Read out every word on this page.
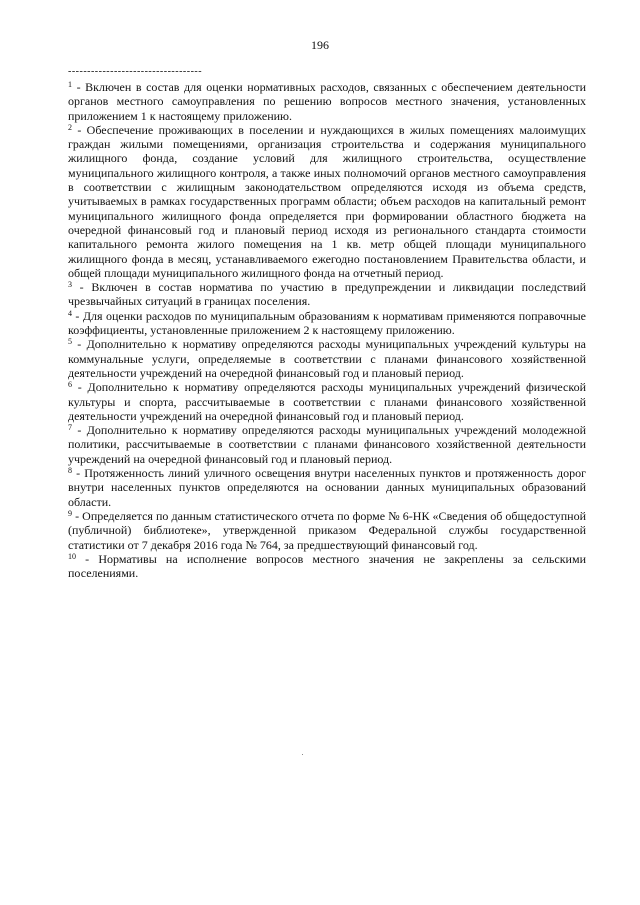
196
-----------------------------------

$^1$ - Включен в состав для оценки нормативных расходов, связанных с обеспечением деятельности органов местного самоуправления по решению вопросов местного значения, установленных приложением 1 к настоящему приложению.

$^2$ - Обеспечение проживающих в поселении и нуждающихся в жилых помещениях малоимущих граждан жилыми помещениями, организация строительства и содержания муниципального жилищного фонда, создание условий для жилищного строительства, осуществление муниципального жилищного контроля, а также иных полномочий органов местного самоуправления в соответствии с жилищным законодательством определяются исходя из объема средств, учитываемых в рамках государственных программ области; объем расходов на капитальный ремонт муниципального жилищного фонда определяется при формировании областного бюджета на очередной финансовый год и плановый период исходя из регионального стандарта стоимости капитального ремонта жилого помещения на 1 кв. метр общей площади муниципального жилищного фонда в месяц, устанавливаемого ежегодно постановлением Правительства области, и общей площади муниципального жилищного фонда на отчетный период.

$^3$ - Включен в состав норматива по участию в предупреждении и ликвидации последствий чрезвычайных ситуаций в границах поселения.

$^4$ - Для оценки расходов по муниципальным образованиям к нормативам применяются поправочные коэффициенты, установленные приложением 2 к настоящему приложению.

$^5$ - Дополнительно к нормативу определяются расходы муниципальных учреждений культуры на коммунальные услуги, определяемые в соответствии с планами финансового хозяйственной деятельности учреждений на очередной финансовый год и плановый период.

$^6$ - Дополнительно к нормативу определяются расходы муниципальных учреждений физической культуры и спорта, рассчитываемые в соответствии с планами финансового хозяйственной деятельности учреждений на очередной финансовый год и плановый период.

$^7$ - Дополнительно к нормативу определяются расходы муниципальных учреждений молодежной политики, рассчитываемые в соответствии с планами финансового хозяйственной деятельности учреждений на очередной финансовый год и плановый период.

$^8$ - Протяженность линий уличного освещения внутри населенных пунктов и протяженность дорог внутри населенных пунктов определяются на основании данных муниципальных образований области.

$^9$ - Определяется по данным статистического отчета по форме № 6-НК «Сведения об общедоступной (публичной) библиотеке», утвержденной приказом Федеральной службы государственной статистики от 7 декабря 2016 года № 764, за предшествующий финансовый год.

$^{10}$ - Нормативы на исполнение вопросов местного значения не закреплены за сельскими поселениями.
